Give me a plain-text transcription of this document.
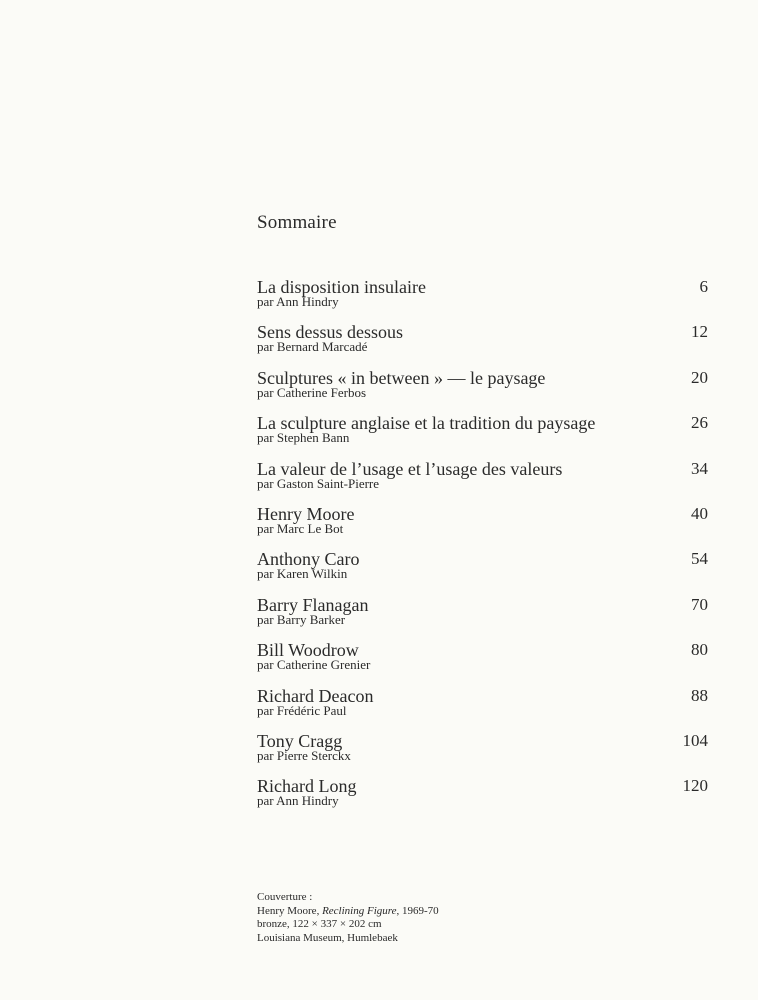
Sommaire
La disposition insulaire
par Ann Hindry
6
Sens dessus dessous
par Bernard Marcadé
12
Sculptures « in between » — le paysage
par Catherine Ferbos
20
La sculpture anglaise et la tradition du paysage
par Stephen Bann
26
La valeur de l’usage et l’usage des valeurs
par Gaston Saint-Pierre
34
Henry Moore
par Marc Le Bot
40
Anthony Caro
par Karen Wilkin
54
Barry Flanagan
par Barry Barker
70
Bill Woodrow
par Catherine Grenier
80
Richard Deacon
par Frédéric Paul
88
Tony Cragg
par Pierre Sterckx
104
Richard Long
par Ann Hindry
120
Couverture :
Henry Moore, Reclining Figure, 1969-70
bronze, 122 × 337 × 202 cm
Louisiana Museum, Humlebaek
